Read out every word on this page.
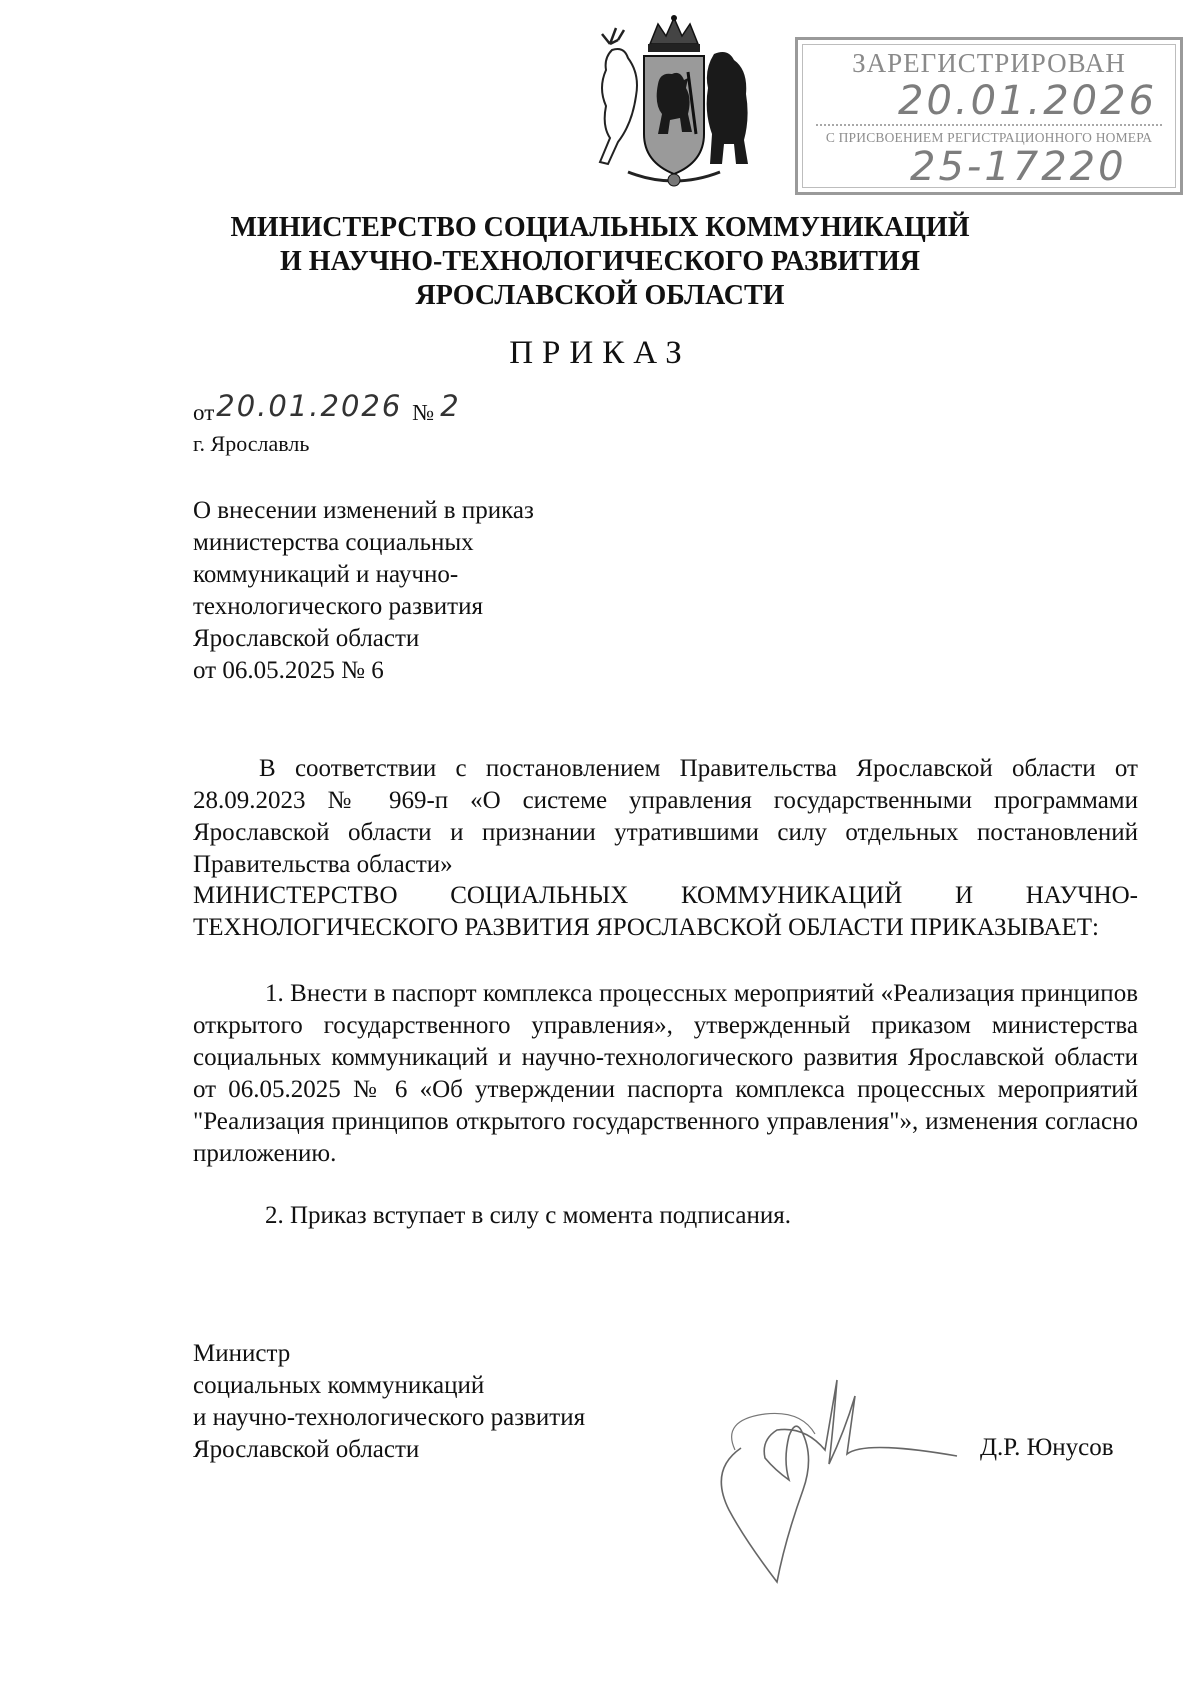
ЗАРЕГИСТРИРОВАН
20.01.2026
С ПРИСВОЕНИЕМ РЕГИСТРАЦИОННОГО НОМЕРА
25-17220
МИНИСТЕРСТВО СОЦИАЛЬНЫХ КОММУНИКАЦИЙ
И НАУЧНО-ТЕХНОЛОГИЧЕСКОГО РАЗВИТИЯ
ЯРОСЛАВСКОЙ ОБЛАСТИ
ПРИКАЗ
от20.01.2026 № 2
г. Ярославль
О внесении изменений в приказ
министерства социальных
коммуникаций и научно-
технологического развития
Ярославской области
от 06.05.2025 № 6
В соответствии с постановлением Правительства Ярославской области от 28.09.2023 № 969-п «О системе управления государственными программами Ярославской области и признании утратившими силу отдельных постановлений Правительства области»
МИНИСТЕРСТВО СОЦИАЛЬНЫХ КОММУНИКАЦИЙ И НАУЧНО-ТЕХНОЛОГИЧЕСКОГО РАЗВИТИЯ ЯРОСЛАВСКОЙ ОБЛАСТИ ПРИКАЗЫВАЕТ:
1. Внести в паспорт комплекса процессных мероприятий «Реализация принципов открытого государственного управления», утвержденный приказом министерства социальных коммуникаций и научно-технологического развития Ярославской области от 06.05.2025 № 6 «Об утверждении паспорта комплекса процессных мероприятий "Реализация принципов открытого государственного управления"», изменения согласно приложению.
2. Приказ вступает в силу с момента подписания.
Министр
социальных коммуникаций
и научно-технологического развития
Ярославской области	Д.Р. Юнусов
